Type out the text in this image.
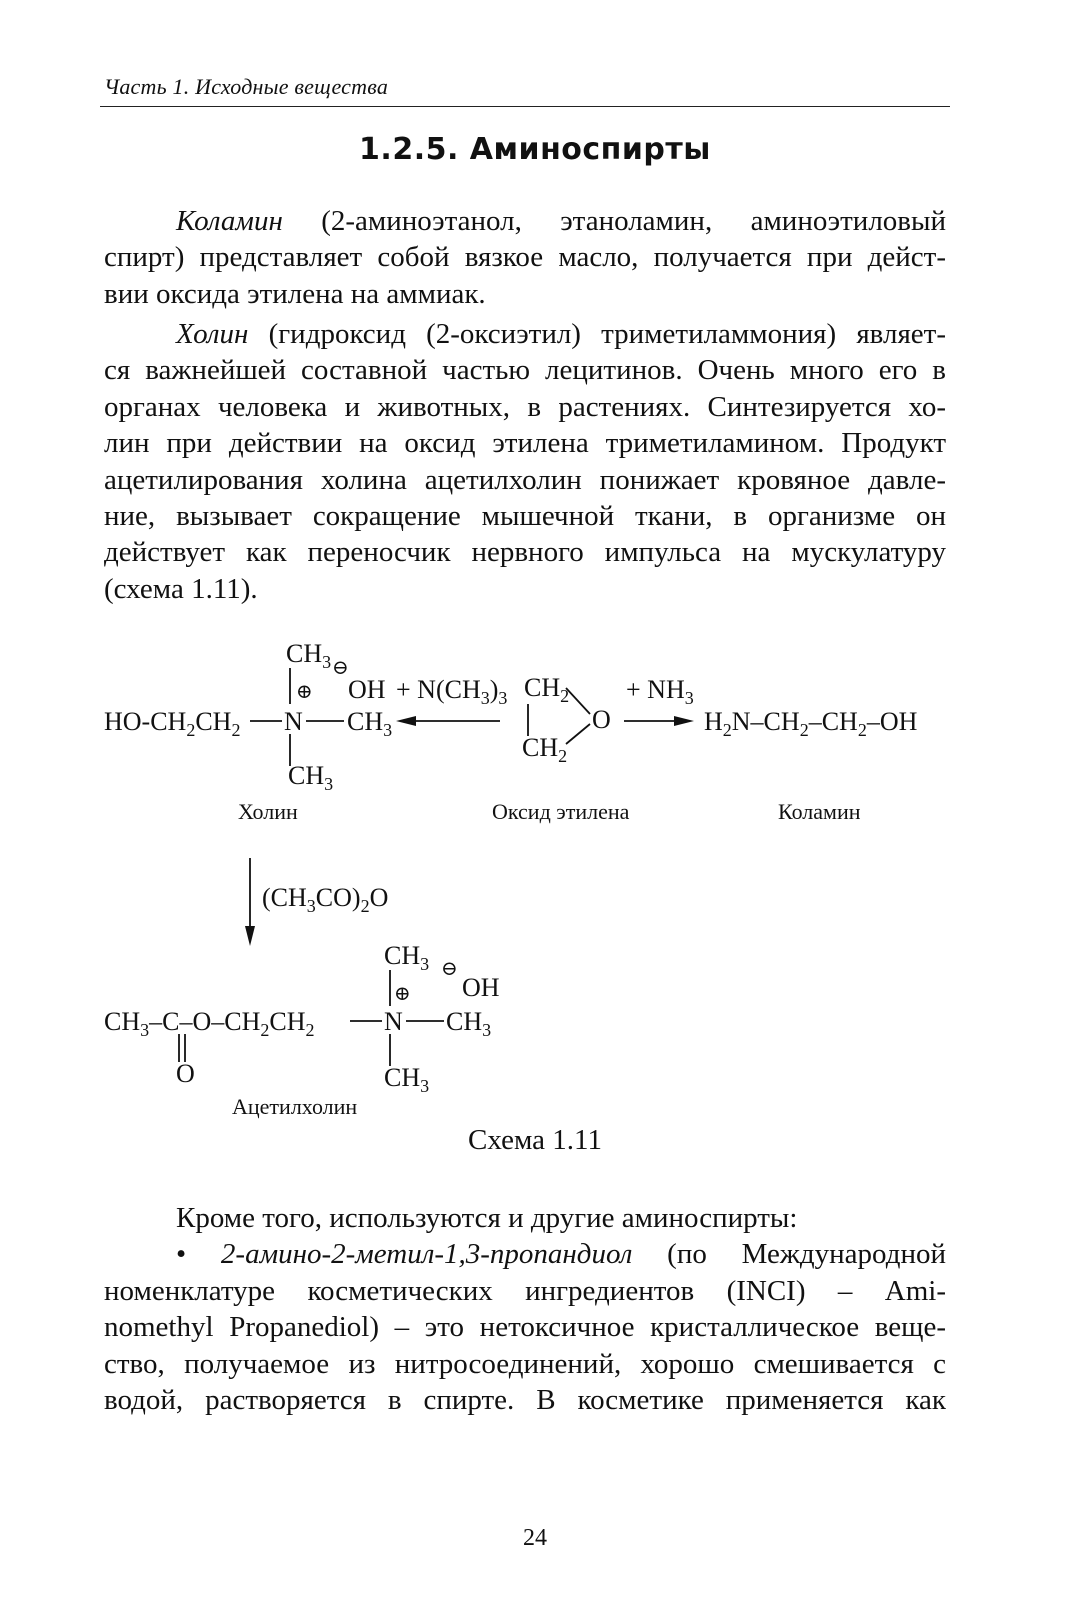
Часть 1. Исходные вещества
1.2.5. Аминоспирты
Коламин (2-аминоэтанол, этаноламин, аминоэтиловый
спирт) представляет собой вязкое масло, получается при дейст-
вии оксида этилена на аммиак.
Холин (гидроксид (2-оксиэтил) триметиламмония) являет-
ся важнейшей составной частью лецитинов. Очень много его в
органах человека и животных, в растениях. Синтезируется хо-
лин при действии на оксид этилена триметиламином. Продукт
ацетилирования холина ацетилхолин понижает кровяное давле-
ние, вызывает сокращение мышечной ткани, в организме он
действует как переносчик нервного импульса на мускулатуру
(схема 1.11).
$CH_3$ ⊖
⊕ OH
$HO-CH_2CH_2$ N $CH_3$
$CH_3$
+ $N(CH_3)_3$ $CH_2$
O
$CH_2$
+ $NH_3$
$H_2N-CH_2-CH_2-OH$
Холин	Оксид этилена	Коламин
$(CH_3CO)_2O$
$CH_3$ ⊖
⊕ OH
$CH_3-C-O-CH_2CH_2$	N $CH_3$
O	$CH_3$
Ацетилхолин
Схема 1.11
Кроме того, используются и другие аминоспирты:
• 2-амино-2-метил-1,3-пропандиол (по Международной
номенклатуре косметических ингредиентов (INCI) – Ami-
nomethyl Propanediol) – это нетоксичное кристаллическое веще-
ство, получаемое из нитросоединений, хорошо смешивается с
водой, растворяется в спирте. В косметике применяется как
24
